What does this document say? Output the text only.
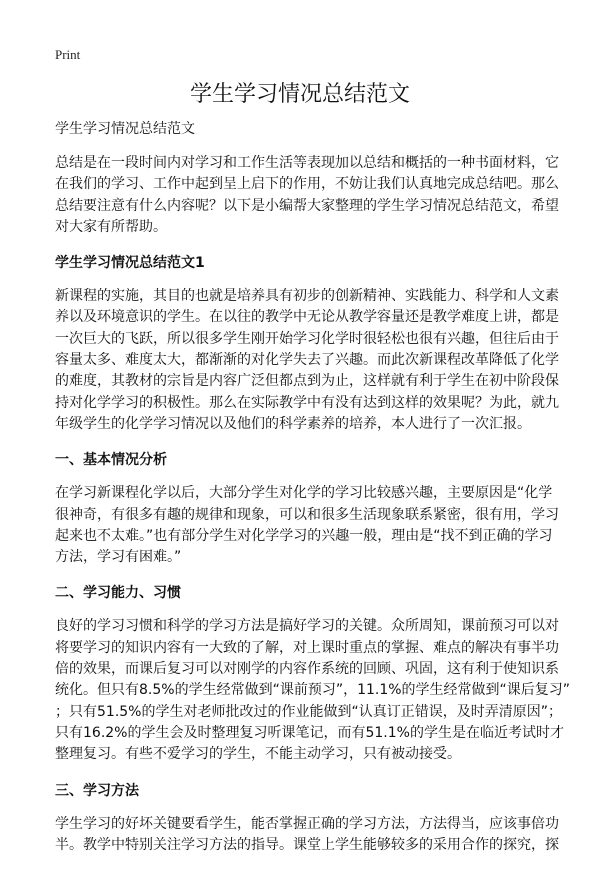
Print
学生学习情况总结范文
学生学习情况总结范文
总结是在一段时间内对学习和工作生活等表现加以总结和概括的一种书面材料，它
在我们的学习、工作中起到呈上启下的作用，不妨让我们认真地完成总结吧。那么
总结要注意有什么内容呢？以下是小编帮大家整理的学生学习情况总结范文，希望
对大家有所帮助。
学生学习情况总结范文1
新课程的实施，其目的也就是培养具有初步的创新精神、实践能力、科学和人文素
养以及环境意识的学生。在以往的教学中无论从教学容量还是教学难度上讲，都是
一次巨大的飞跃，所以很多学生刚开始学习化学时很轻松也很有兴趣，但往后由于
容量太多、难度太大，都渐渐的对化学失去了兴趣。而此次新课程改革降低了化学
的难度，其教材的宗旨是内容广泛但都点到为止，这样就有利于学生在初中阶段保
持对化学学习的积极性。那么在实际教学中有没有达到这样的效果呢？为此，就九
年级学生的化学学习情况以及他们的科学素养的培养，本人进行了一次汇报。
一、基本情况分析
在学习新课程化学以后，大部分学生对化学的学习比较感兴趣，主要原因是“化学
很神奇，有很多有趣的规律和现象，可以和很多生活现象联系紧密，很有用，学习
起来也不太难。”也有部分学生对化学学习的兴趣一般，理由是“找不到正确的学习
方法，学习有困难。”
二、学习能力、习惯
良好的学习习惯和科学的学习方法是搞好学习的关键。众所周知，课前预习可以对
将要学习的知识内容有一大致的了解，对上课时重点的掌握、难点的解决有事半功
倍的效果，而课后复习可以对刚学的内容作系统的回顾、巩固，这有利于使知识系
统化。但只有8.5%的学生经常做到“课前预习”，11.1%的学生经常做到“课后复习”
；只有51.5%的学生对老师批改过的作业能做到“认真订正错误，及时弄清原因”；
只有16.2%的学生会及时整理复习听课笔记，而有51.1%的学生是在临近考试时才
整理复习。有些不爱学习的学生，不能主动学习，只有被动接受。
三、学习方法
学生学习的好坏关键要看学生，能否掌握正确的学习方法，方法得当，应该事倍功
半。教学中特别关注学习方法的指导。课堂上学生能够较多的采用合作的探究，探
